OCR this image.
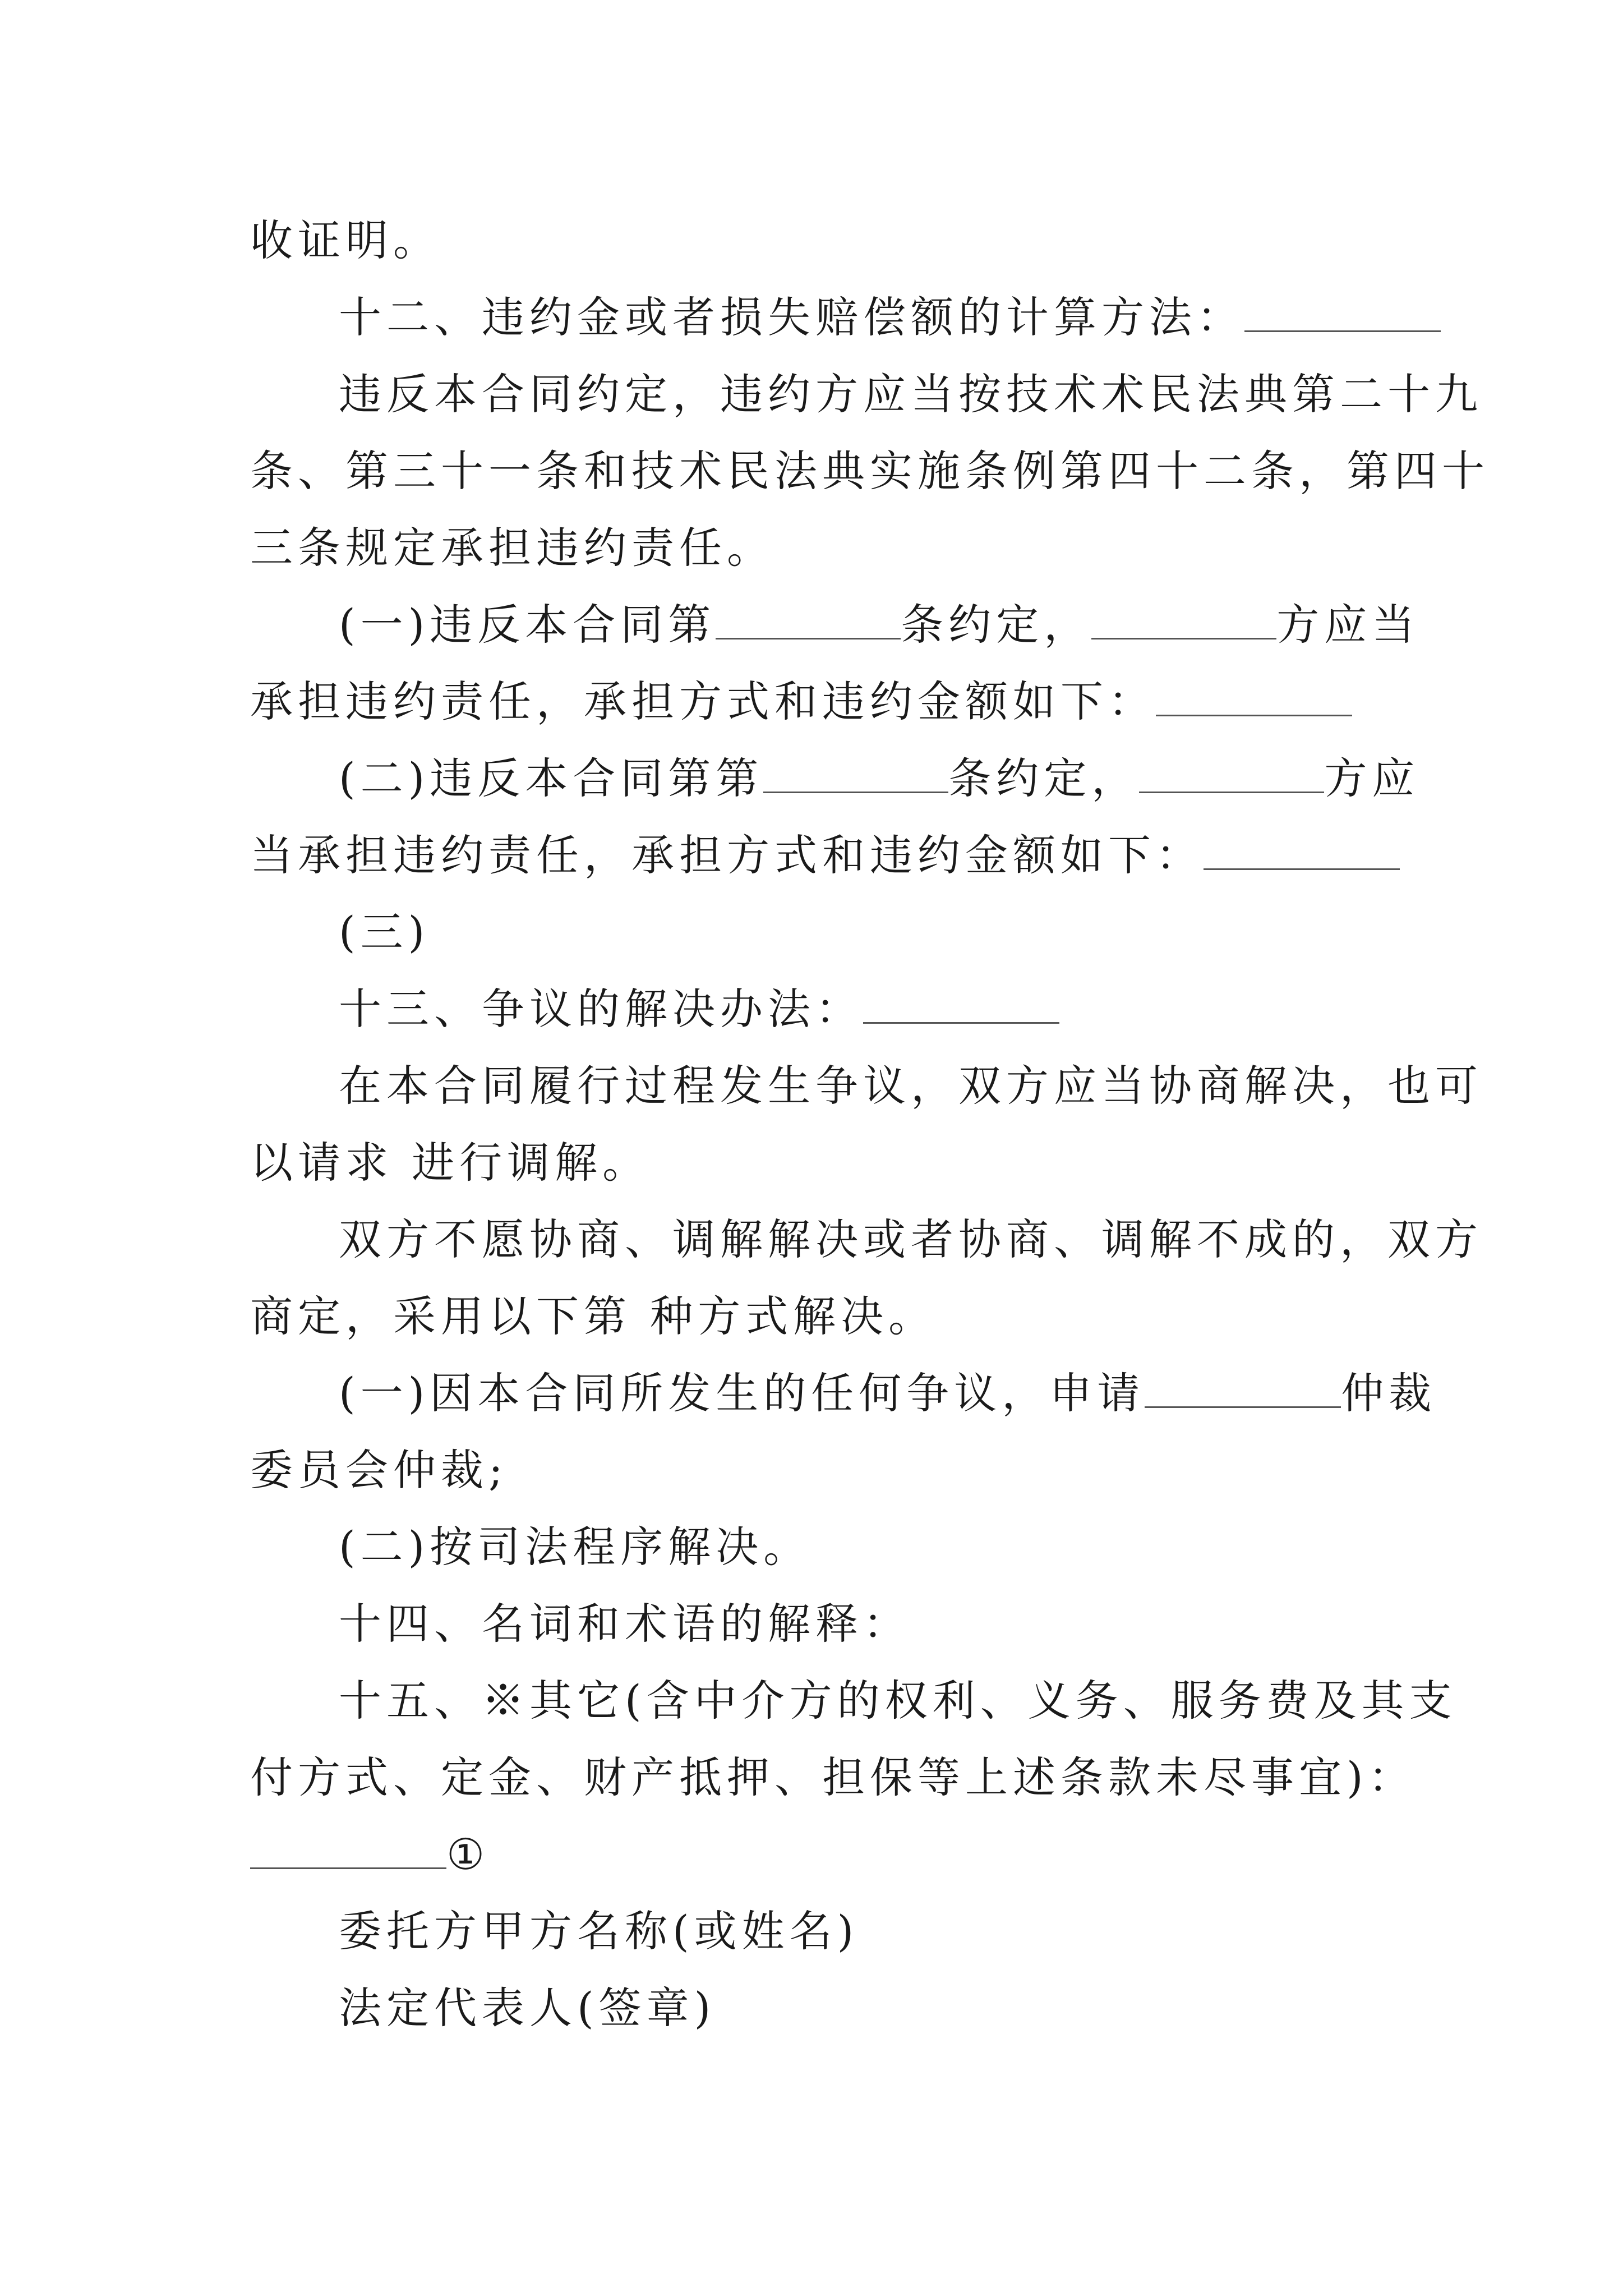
收证明。
十二、违约金或者损失赔偿额的计算方法：
违反本合同约定，违约方应当按技术术民法典第二十九
条、第三十一条和技术民法典实施条例第四十二条，第四十
三条规定承担违约责任。
(一)违反本合同第	条约定，	方应当
承担违约责任，承担方式和违约金额如下：
(二)违反本合同第第	条约定，	方应
当承担违约责任，承担方式和违约金额如下：
(三)
十三、争议的解决办法：
在本合同履行过程发生争议，双方应当协商解决，也可
以请求 进行调解。
双方不愿协商、调解解决或者协商、调解不成的，双方
商定，采用以下第 种方式解决。
(一)因本合同所发生的任何争议，申请	仲裁
委员会仲裁;
(二)按司法程序解决。
十四、名词和术语的解释：
十五、※其它(含中介方的权利、义务、服务费及其支
付方式、定金、财产抵押、担保等上述条款未尽事宜)：
①
委托方甲方名称(或姓名)
法定代表人(签章)
